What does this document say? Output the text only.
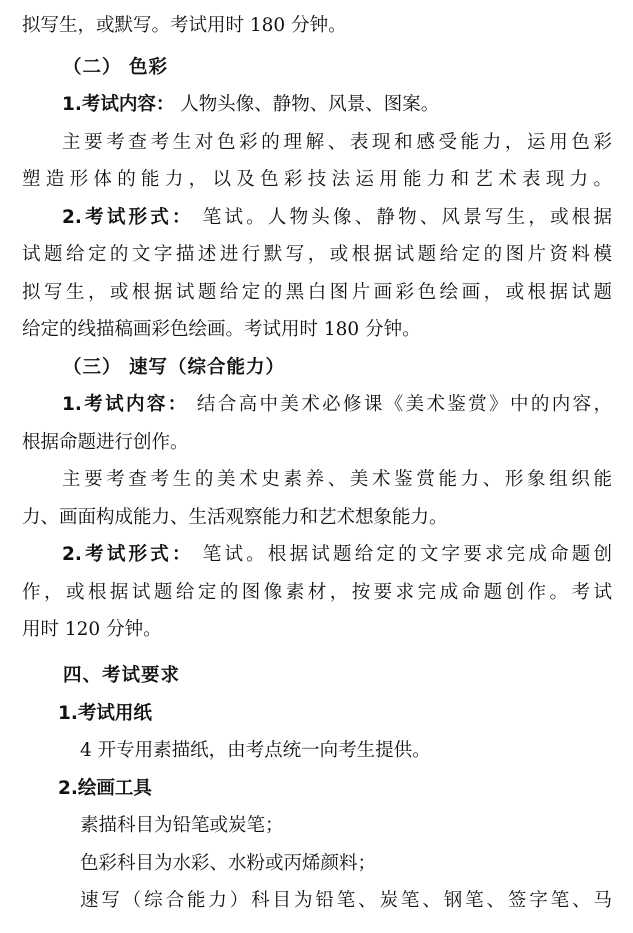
拟写生，或默写。考试用时 180 分钟。
（二） 色彩
1.考试内容： 人物头像、静物、风景、图案。
主要考查考生对色彩的理解、表现和感受能力，运用色彩
塑造形体的能力，以及色彩技法运用能力和艺术表现力。
2.考试形式： 笔试。人物头像、静物、风景写生，或根据
试题给定的文字描述进行默写，或根据试题给定的图片资料模
拟写生，或根据试题给定的黑白图片画彩色绘画，或根据试题
给定的线描稿画彩色绘画。考试用时 180 分钟。
（三） 速写（综合能力）
1.考试内容： 结合高中美术必修课《美术鉴赏》中的内容，
根据命题进行创作。
主要考查考生的美术史素养、美术鉴赏能力、形象组织能
力、画面构成能力、生活观察能力和艺术想象能力。
2.考试形式： 笔试。根据试题给定的文字要求完成命题创
作，或根据试题给定的图像素材，按要求完成命题创作。考试
用时 120 分钟。
四、考试要求
1.考试用纸
4 开专用素描纸，由考点统一向考生提供。
2.绘画工具
素描科目为铅笔或炭笔；
色彩科目为水彩、水粉或丙烯颜料；
速写（综合能力）科目为铅笔、炭笔、钢笔、签字笔、马
